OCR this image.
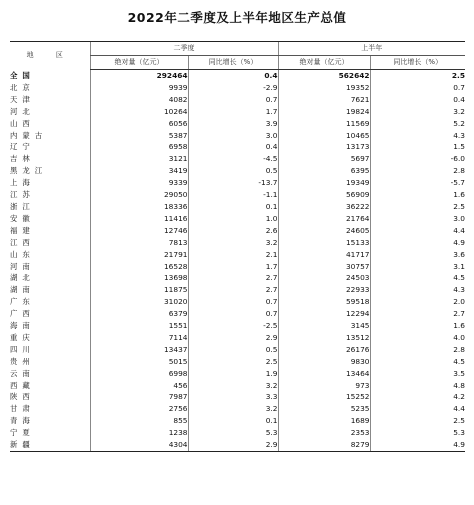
2022年二季度及上半年地区生产总值
地 区	二季度		上半年	
	绝对量（亿元）	同比增长（%）	绝对量（亿元）	同比增长（%）
全国	292464	0.4	562642	2.5
北京	9939	-2.9	19352	0.7
天津	4082	0.7	7621	0.4
河北	10264	1.7	19824	3.2
山西	6056	3.9	11569	5.2
内蒙古	5387	3.0	10465	4.3
辽宁	6958	0.4	13173	1.5
吉林	3121	-4.5	5697	-6.0
黑龙江	3419	0.5	6395	2.8
上海	9339	-13.7	19349	-5.7
江苏	29050	-1.1	56909	1.6
浙江	18336	0.1	36222	2.5
安徽	11416	1.0	21764	3.0
福建	12746	2.6	24605	4.4
江西	7813	3.2	15133	4.9
山东	21791	2.1	41717	3.6
河南	16528	1.7	30757	3.1
湖北	13698	2.7	24503	4.5
湖南	11875	2.7	22933	4.3
广东	31020	0.7	59518	2.0
广西	6379	0.7	12294	2.7
海南	1551	-2.5	3145	1.6
重庆	7114	2.9	13512	4.0
四川	13437	0.5	26176	2.8
贵州	5015	2.5	9830	4.5
云南	6998	1.9	13464	3.5
西藏	456	3.2	973	4.8
陕西	7987	3.3	15252	4.2
甘肃	2756	3.2	5235	4.4
青海	855	0.1	1689	2.5
宁夏	1238	5.3	2353	5.3
新疆	4304	2.9	8279	4.9
